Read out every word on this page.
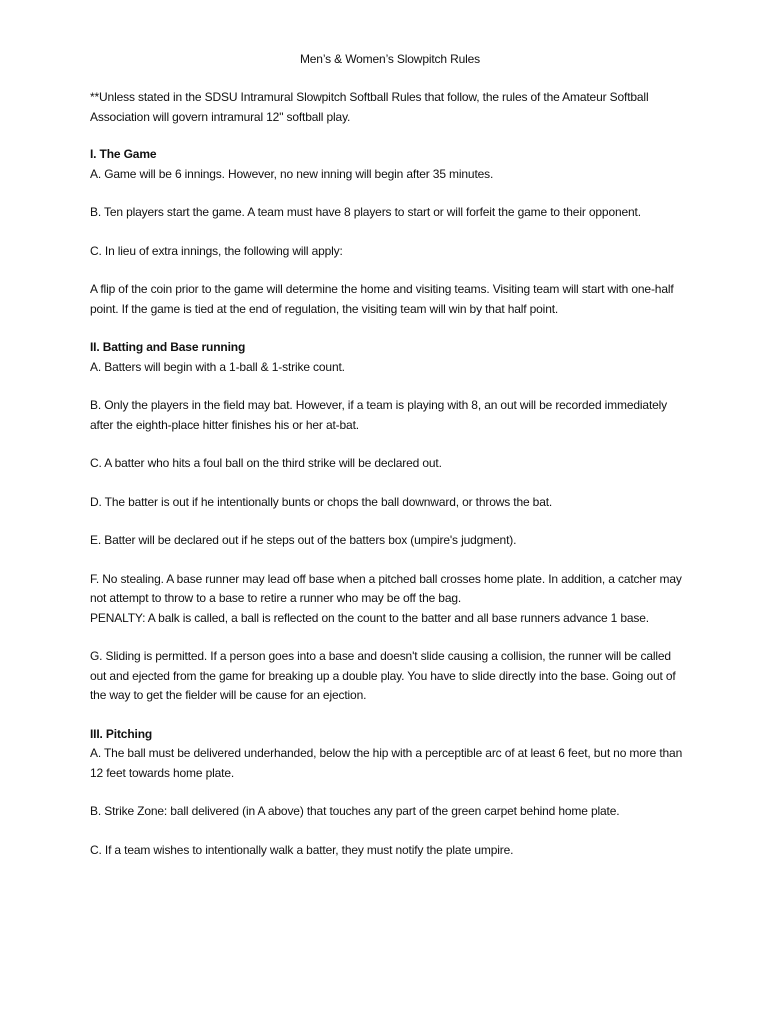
Men’s & Women’s Slowpitch Rules
**Unless stated in the SDSU Intramural Slowpitch Softball Rules that follow, the rules of the Amateur Softball Association will govern intramural 12" softball play.
I. The Game
A. Game will be 6 innings. However, no new inning will begin after 35 minutes.
B. Ten players start the game. A team must have 8 players to start or will forfeit the game to their opponent.
C. In lieu of extra innings, the following will apply:
A flip of the coin prior to the game will determine the home and visiting teams. Visiting team will start with one-half point. If the game is tied at the end of regulation, the visiting team will win by that half point.
II. Batting and Base running
A. Batters will begin with a 1-ball & 1-strike count.
B. Only the players in the field may bat. However, if a team is playing with 8, an out will be recorded immediately after the eighth-place hitter finishes his or her at-bat.
C. A batter who hits a foul ball on the third strike will be declared out.
D. The batter is out if he intentionally bunts or chops the ball downward, or throws the bat.
E. Batter will be declared out if he steps out of the batters box (umpire's judgment).
F. No stealing. A base runner may lead off base when a pitched ball crosses home plate. In addition, a catcher may not attempt to throw to a base to retire a runner who may be off the bag.
PENALTY: A balk is called, a ball is reflected on the count to the batter and all base runners advance 1 base.
G. Sliding is permitted. If a person goes into a base and doesn't slide causing a collision, the runner will be called out and ejected from the game for breaking up a double play. You have to slide directly into the base. Going out of the way to get the fielder will be cause for an ejection.
III. Pitching
A. The ball must be delivered underhanded, below the hip with a perceptible arc of at least 6 feet, but no more than 12 feet towards home plate.
B. Strike Zone: ball delivered (in A above) that touches any part of the green carpet behind home plate.
C. If a team wishes to intentionally walk a batter, they must notify the plate umpire.
